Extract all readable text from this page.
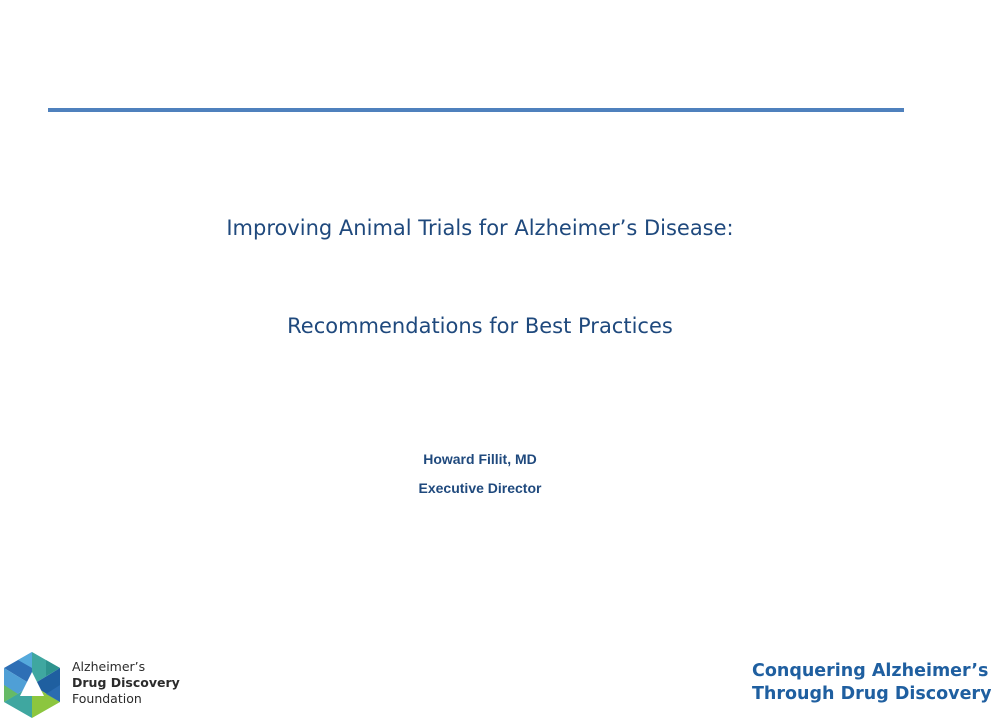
Improving Animal Trials for Alzheimer’s Disease:
Recommendations for Best Practices
Howard Fillit, MD
Executive Director
Alzheimer’s
Drug Discovery
Foundation
Conquering Alzheimer’s
Through Drug Discovery
